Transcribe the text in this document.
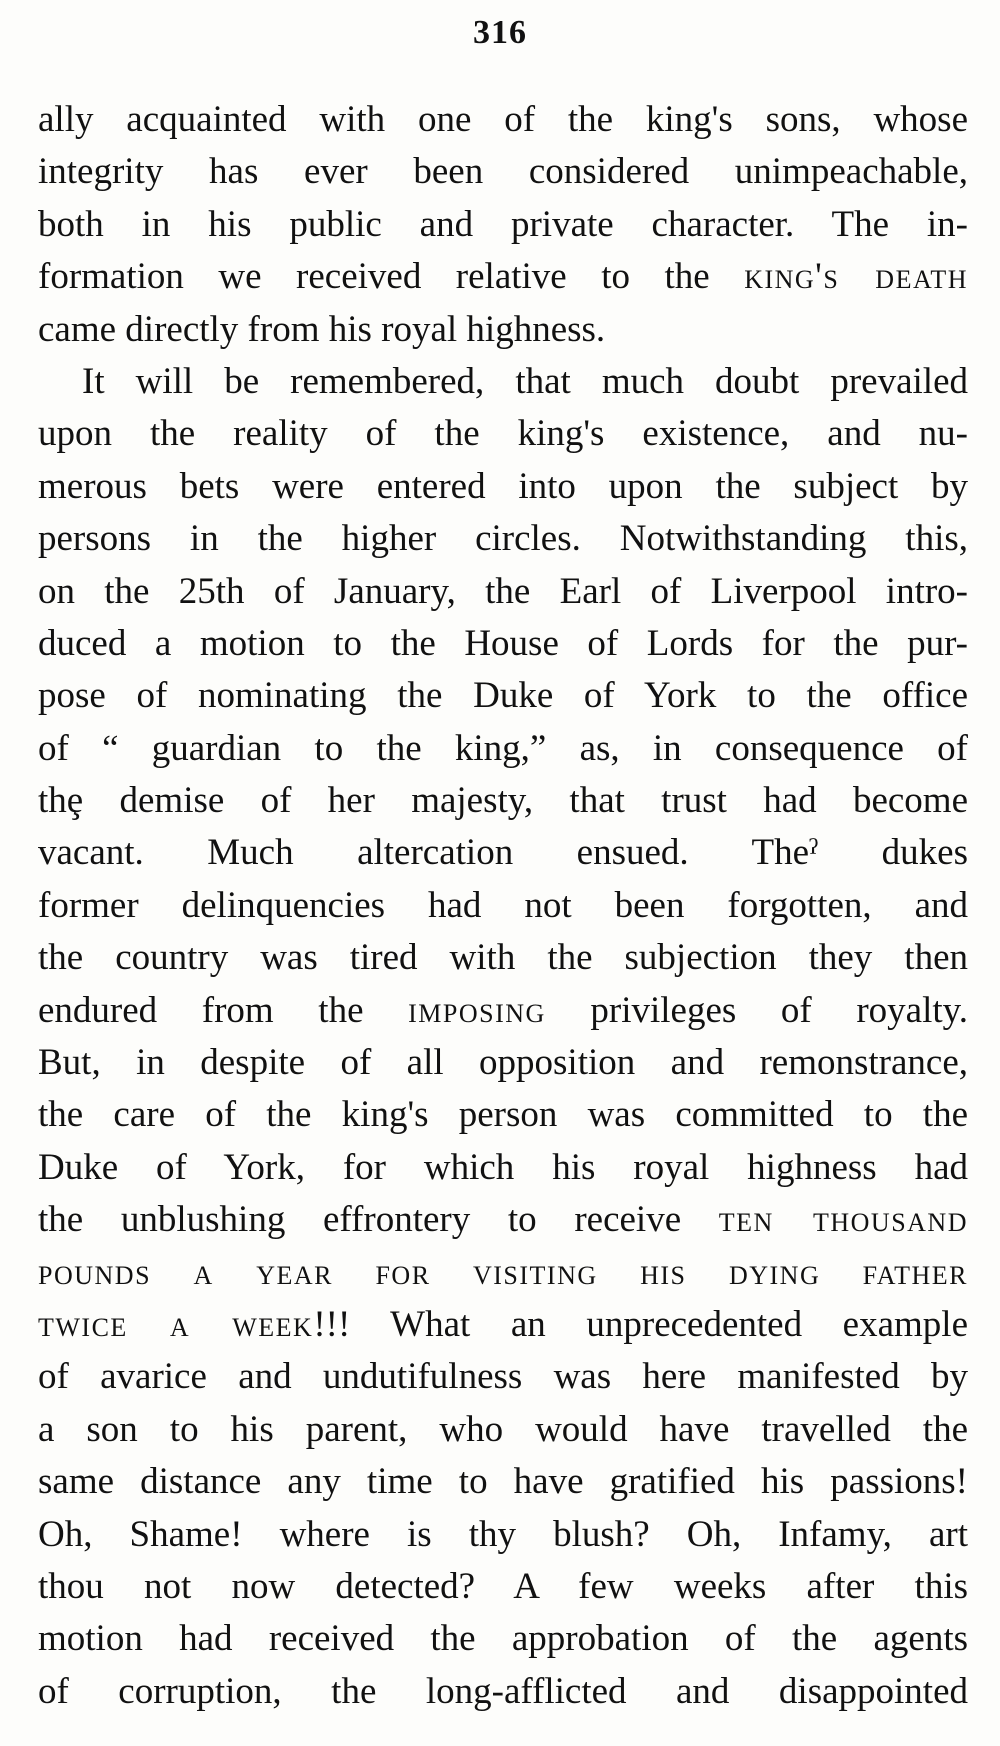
316
ally acquainted with one of the king's sons, whose
integrity has ever been considered unimpeachable,
both in his public and private character. The in-
formation we received relative to the king's death
came directly from his royal highness.
It will be remembered, that much doubt prevailed
upon the reality of the king's existence, and nu-
merous bets were entered into upon the subject by
persons in the higher circles. Notwithstanding this,
on the 25th of January, the Earl of Liverpool intro-
duced a motion to the House of Lords for the pur-
pose of nominating the Duke of York to the office
of “ guardian to the king,” as, in consequence of
thȩ demise of her majesty, that trust had become
vacant. Much altercation ensued. Theˀ dukes
former delinquencies had not been forgotten, and
the country was tired with the subjection they then
endured from the imposing privileges of royalty.
But, in despite of all opposition and remonstrance,
the care of the king's person was committed to the
Duke of York, for which his royal highness had
the unblushing effrontery to receive ten thousand
pounds a year for visiting his dying father
twice a week!!! What an unprecedented example
of avarice and undutifulness was here manifested by
a son to his parent, who would have travelled the
same distance any time to have gratified his passions!
Oh, Shame! where is thy blush? Oh, Infamy, art
thou not now detected? A few weeks after this
motion had received the approbation of the agents
of corruption, the long-afflicted and disappointed
